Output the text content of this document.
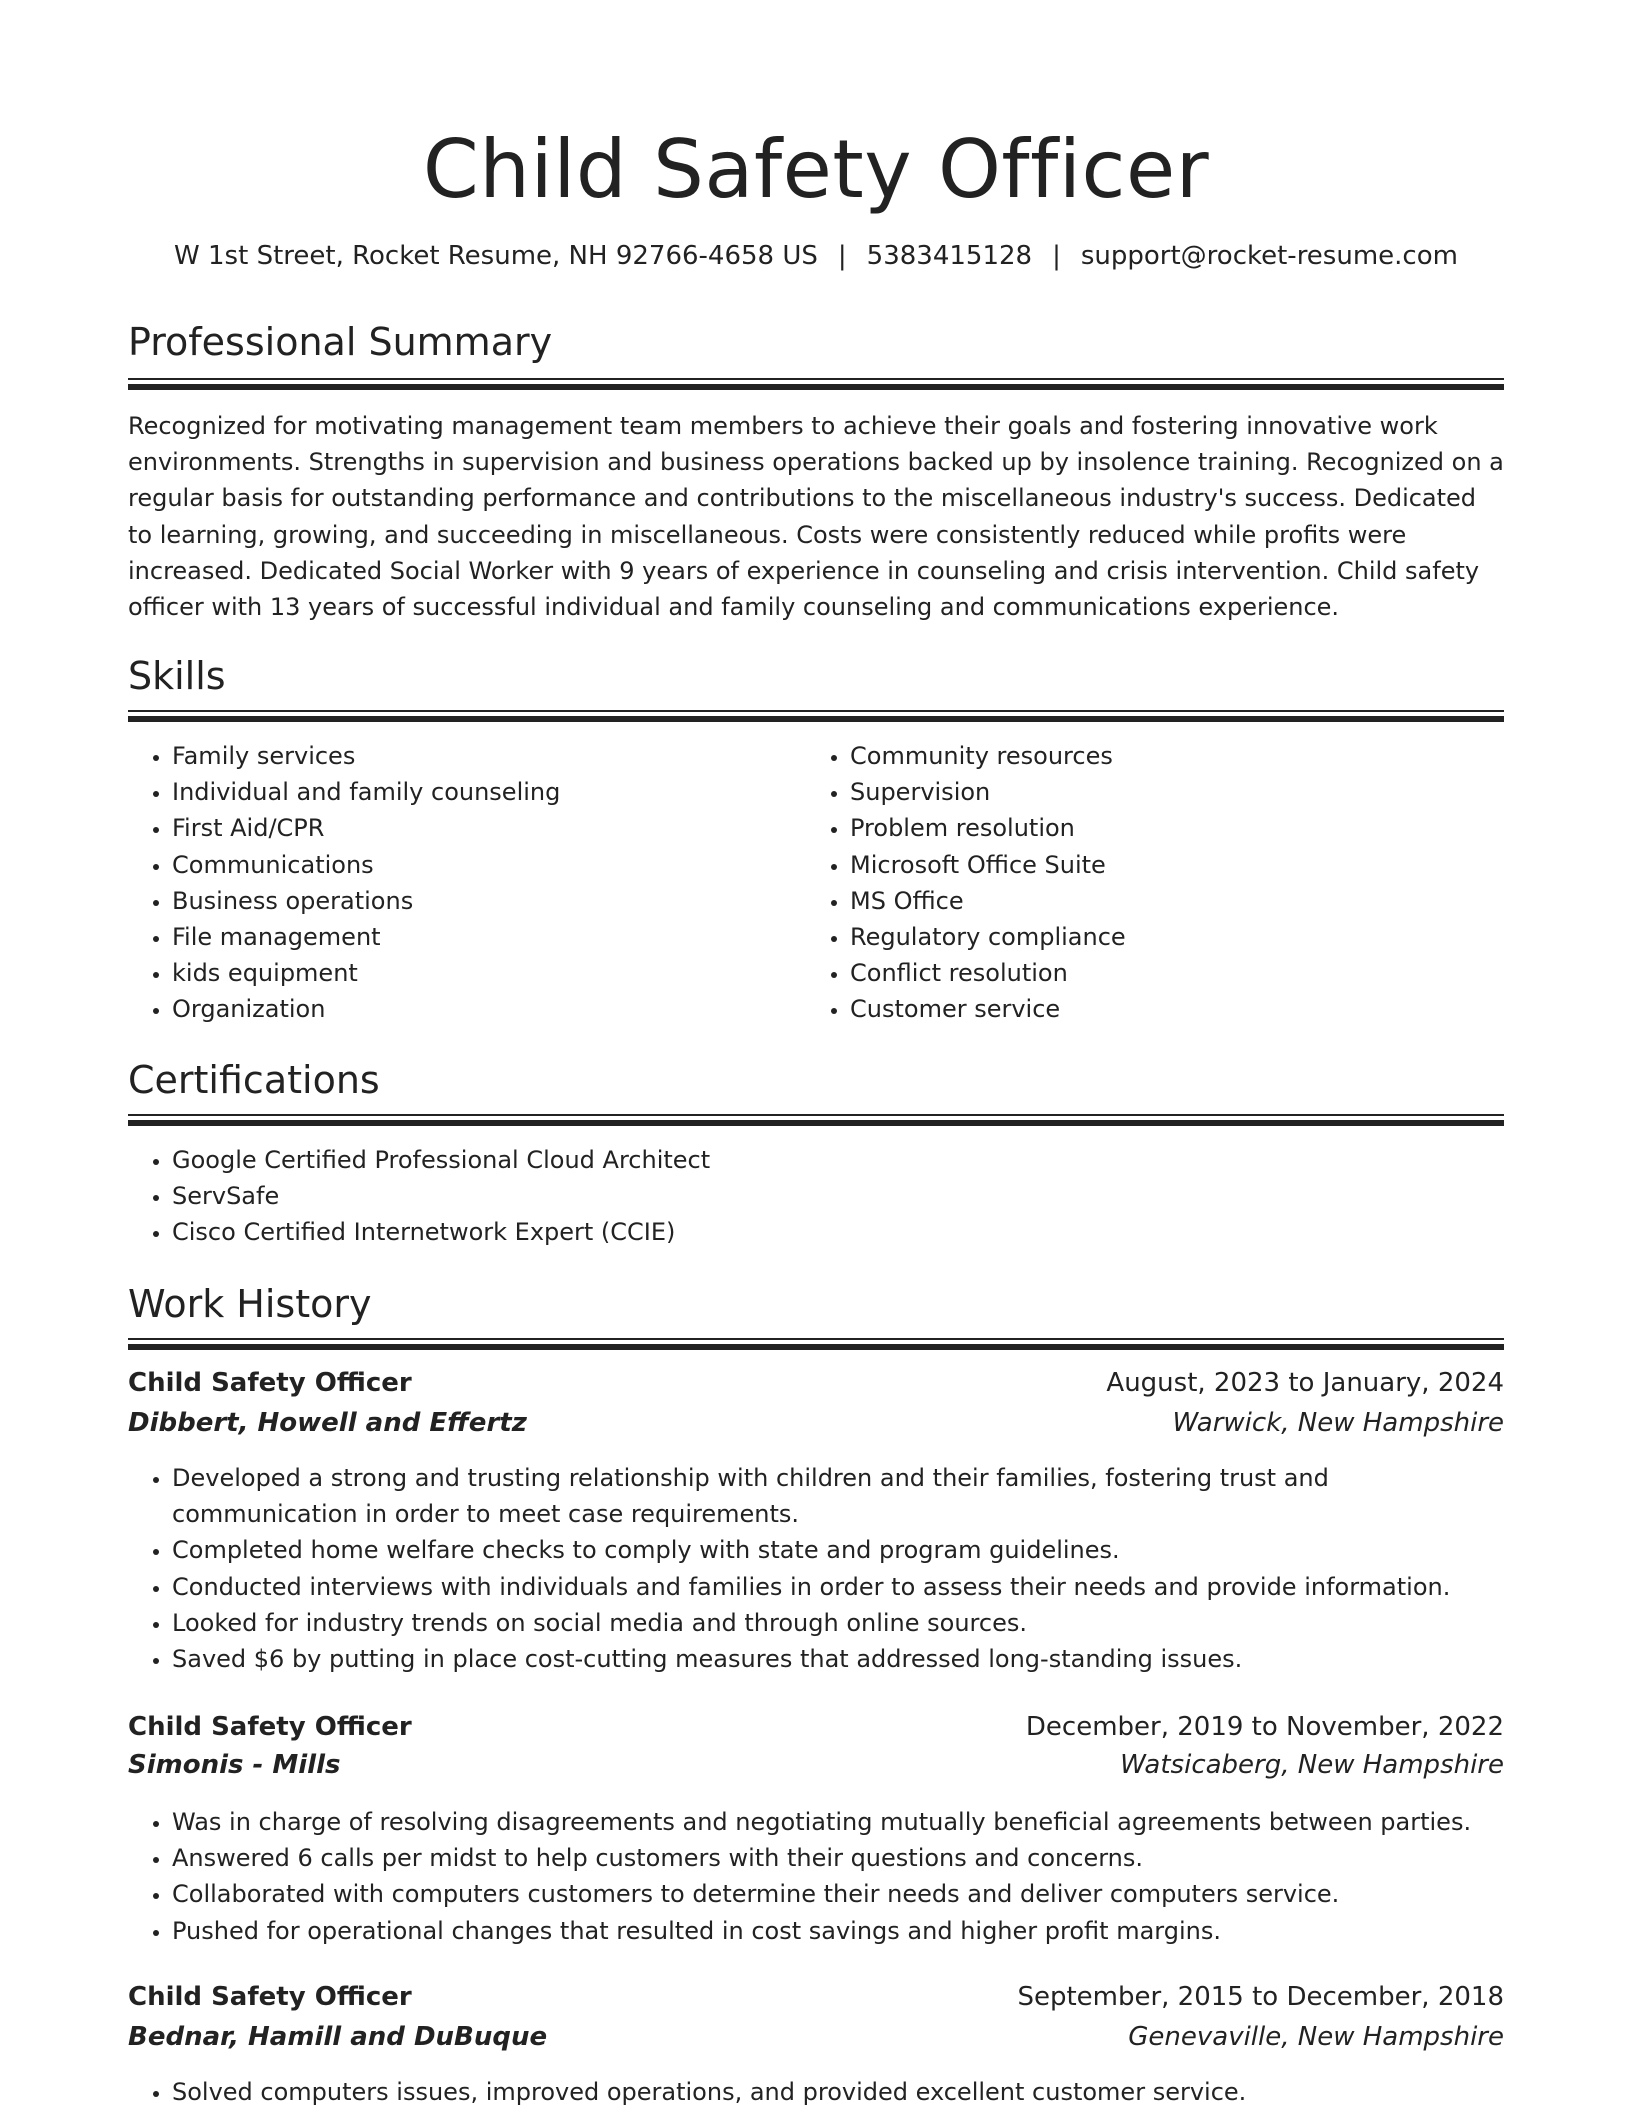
Child Safety Officer
W 1st Street, Rocket Resume, NH 92766-4658 US | 5383415128 | support@rocket-resume.com
Professional Summary

Recognized for motivating management team members to achieve their goals and fostering innovative work environments. Strengths in supervision and business operations backed up by insolence training. Recognized on a regular basis for outstanding performance and contributions to the miscellaneous industry's success. Dedicated to learning, growing, and succeeding in miscellaneous. Costs were consistently reduced while profits were increased. Dedicated Social Worker with 9 years of experience in counseling and crisis intervention. Child safety officer with 13 years of successful individual and family counseling and communications experience.

Skills
• Family services
• Individual and family counseling
• First Aid/CPR
• Communications
• Business operations
• File management
• kids equipment
• Organization
• Community resources
• Supervision
• Problem resolution
• Microsoft Office Suite
• MS Office
• Regulatory compliance
• Conflict resolution
• Customer service
Certifications
• Google Certified Professional Cloud Architect
• ServSafe
• Cisco Certified Internetwork Expert (CCIE)
Work History
Child Safety Officer	August, 2023 to January, 2024
Dibbert, Howell and Effertz	Warwick, New Hampshire
• Developed a strong and trusting relationship with children and their families, fostering trust and communication in order to meet case requirements.
• Completed home welfare checks to comply with state and program guidelines.
• Conducted interviews with individuals and families in order to assess their needs and provide information.
• Looked for industry trends on social media and through online sources.
• Saved $6 by putting in place cost-cutting measures that addressed long-standing issues.
Child Safety Officer	December, 2019 to November, 2022
Simonis - Mills	Watsicaberg, New Hampshire
• Was in charge of resolving disagreements and negotiating mutually beneficial agreements between parties.
• Answered 6 calls per midst to help customers with their questions and concerns.
• Collaborated with computers customers to determine their needs and deliver computers service.
• Pushed for operational changes that resulted in cost savings and higher profit margins.
Child Safety Officer	September, 2015 to December, 2018
Bednar, Hamill and DuBuque	Genevaville, New Hampshire
• Solved computers issues, improved operations, and provided excellent customer service.
